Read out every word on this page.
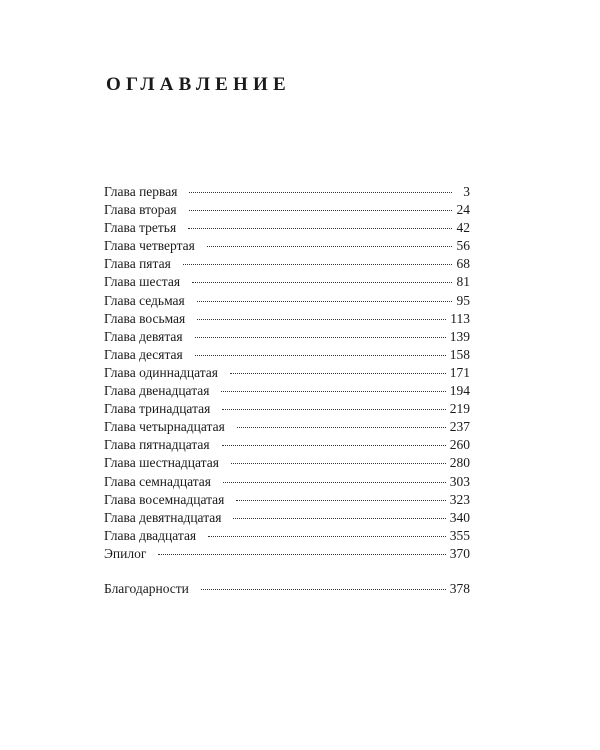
ОГЛАВЛЕНИЕ
Глава первая	3
Глава вторая	24
Глава третья	42
Глава четвертая	56
Глава пятая	68
Глава шестая	81
Глава седьмая	95
Глава восьмая	113
Глава девятая	139
Глава десятая	158
Глава одиннадцатая	171
Глава двенадцатая	194
Глава тринадцатая	219
Глава четырнадцатая	237
Глава пятнадцатая	260
Глава шестнадцатая	280
Глава семнадцатая	303
Глава восемнадцатая	323
Глава девятнадцатая	340
Глава двадцатая	355
Эпилог	370
Благодарности	378
